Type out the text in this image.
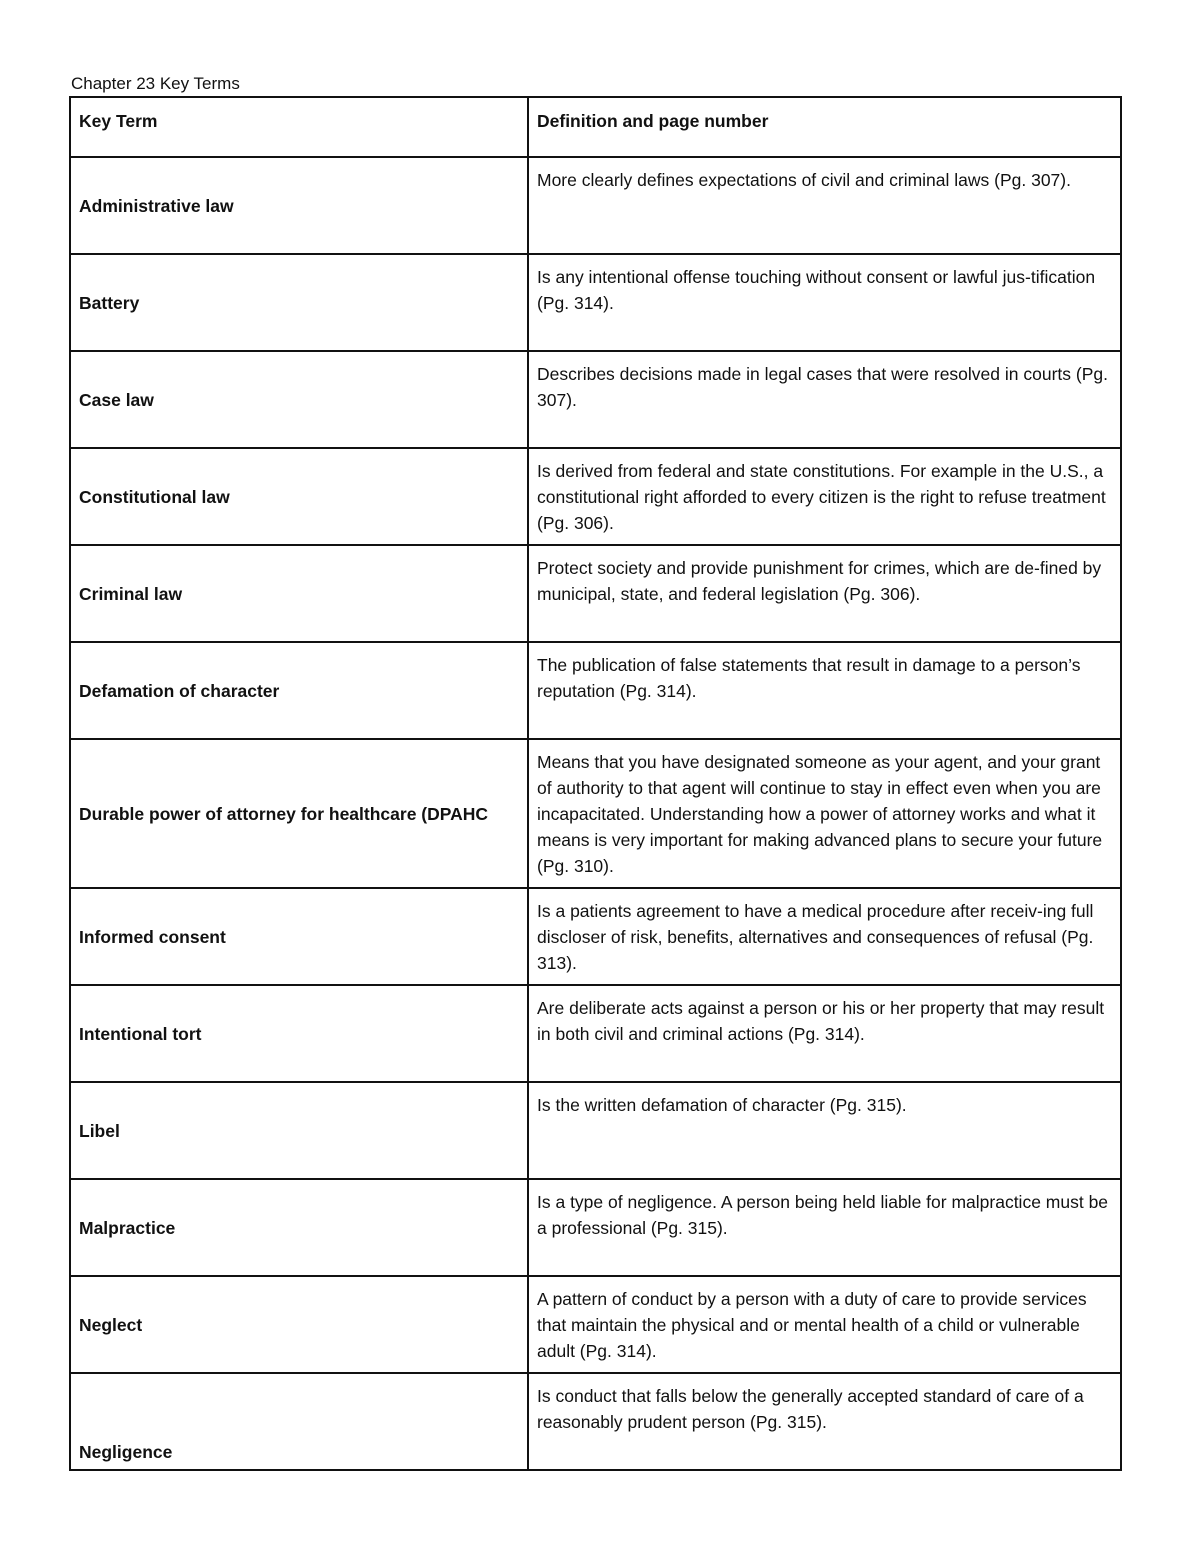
Chapter 23 Key Terms
Key Term	Definition and page number
Administrative law	More clearly defines expectations of civil and criminal laws (Pg. 307).
Battery	Is any intentional offense touching without consent or lawful jus-tification (Pg. 314).
Case law	Describes decisions made in legal cases that were resolved in courts (Pg. 307).
Constitutional law	Is derived from federal and state constitutions. For example in the U.S., a constitutional right afforded to every citizen is the right to refuse treatment (Pg. 306).
Criminal law	Protect society and provide punishment for crimes, which are de-fined by municipal, state, and federal legislation (Pg. 306).
Defamation of character	The publication of false statements that result in damage to a person’s reputation (Pg. 314).
Durable power of attorney for healthcare (DPAHC	Means that you have designated someone as your agent, and your grant of authority to that agent will continue to stay in effect even when you are incapacitated. Understanding how a power of attorney works and what it means is very important for making advanced plans to secure your future (Pg. 310).
Informed consent	Is a patients agreement to have a medical procedure after receiv-ing full discloser of risk, benefits, alternatives and consequences of refusal (Pg. 313).
Intentional tort	Are deliberate acts against a person or his or her property that may result in both civil and criminal actions (Pg. 314).
Libel	Is the written defamation of character (Pg. 315).
Malpractice	Is a type of negligence. A person being held liable for malpractice must be a professional (Pg. 315).
Neglect	A pattern of conduct by a person with a duty of care to provide services that maintain the physical and or mental health of a child or vulnerable adult (Pg. 314).
Negligence	Is conduct that falls below the generally accepted standard of care of a reasonably prudent person (Pg. 315).
